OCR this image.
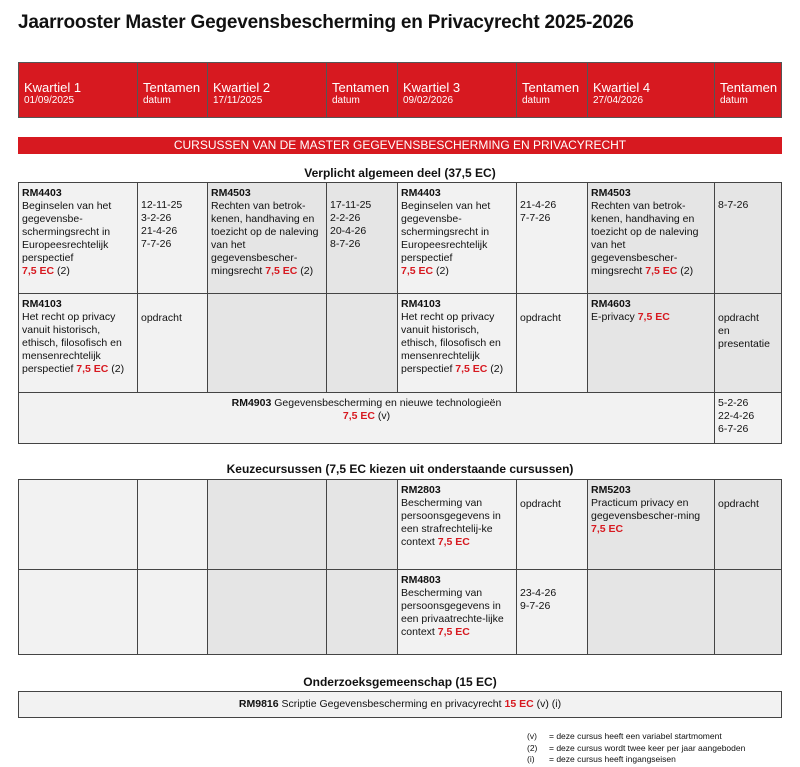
Jaarrooster Master Gegevensbescherming en Privacyrecht 2025-2026
Kwartiel 1
01/09/2025
Tentamen
datum
Kwartiel 2
17/11/2025
Tentamen
datum
Kwartiel 3
09/02/2026
Tentamen
datum
Kwartiel 4
27/04/2026
Tentamen
datum
CURSUSSEN VAN DE MASTER GEGEVENSBESCHERMING EN PRIVACYRECHT
Verplicht algemeen deel (37,5 EC)
RM4403
Beginselen van het gegevensbe-schermingsrecht in Europeesrechtelijk perspectief
7,5 EC (2)
12-11-25
3-2-26
21-4-26
7-7-26
RM4503
Rechten van betrok-kenen, handhaving en toezicht op de naleving van het gegevensbescher-mingsrecht 7,5 EC (2)
17-11-25
2-2-26
20-4-26
8-7-26
RM4403
Beginselen van het gegevensbe-schermingsrecht in Europeesrechtelijk perspectief
7,5 EC (2)
21-4-26
7-7-26
RM4503
Rechten van betrok-kenen, handhaving en toezicht op de naleving van het gegevensbescher-mingsrecht 7,5 EC (2)
8-7-26
RM4103
Het recht op privacy vanuit historisch, ethisch, filosofisch en mensenrechtelijk perspectief 7,5 EC (2)
opdracht
RM4103
Het recht op privacy vanuit historisch, ethisch, filosofisch en mensenrechtelijk perspectief 7,5 EC (2)
opdracht
RM4603
E-privacy 7,5 EC	opdracht
en
presentatie
RM4903 Gegevensbescherming en nieuwe technologieën
7,5 EC (v)
5-2-26
22-4-26
6-7-26
Keuzecursussen (7,5 EC kiezen uit onderstaande cursussen)
RM2803
Bescherming van persoonsgegevens in een strafrechtelij-ke context 7,5 EC
opdracht
RM5203
Practicum privacy en gegevensbescher-ming
7,5 EC
opdracht
RM4803
Bescherming van persoonsgegevens in een privaatrechte-lijke context 7,5 EC
23-4-26
9-7-26
Onderzoeksgemeenschap (15 EC)
RM9816 Scriptie Gegevensbescherming en privacyrecht 15 EC (v) (i)
(v) = deze cursus heeft een variabel startmoment
(2) = deze cursus wordt twee keer per jaar aangeboden
(i) = deze cursus heeft ingangseisen
